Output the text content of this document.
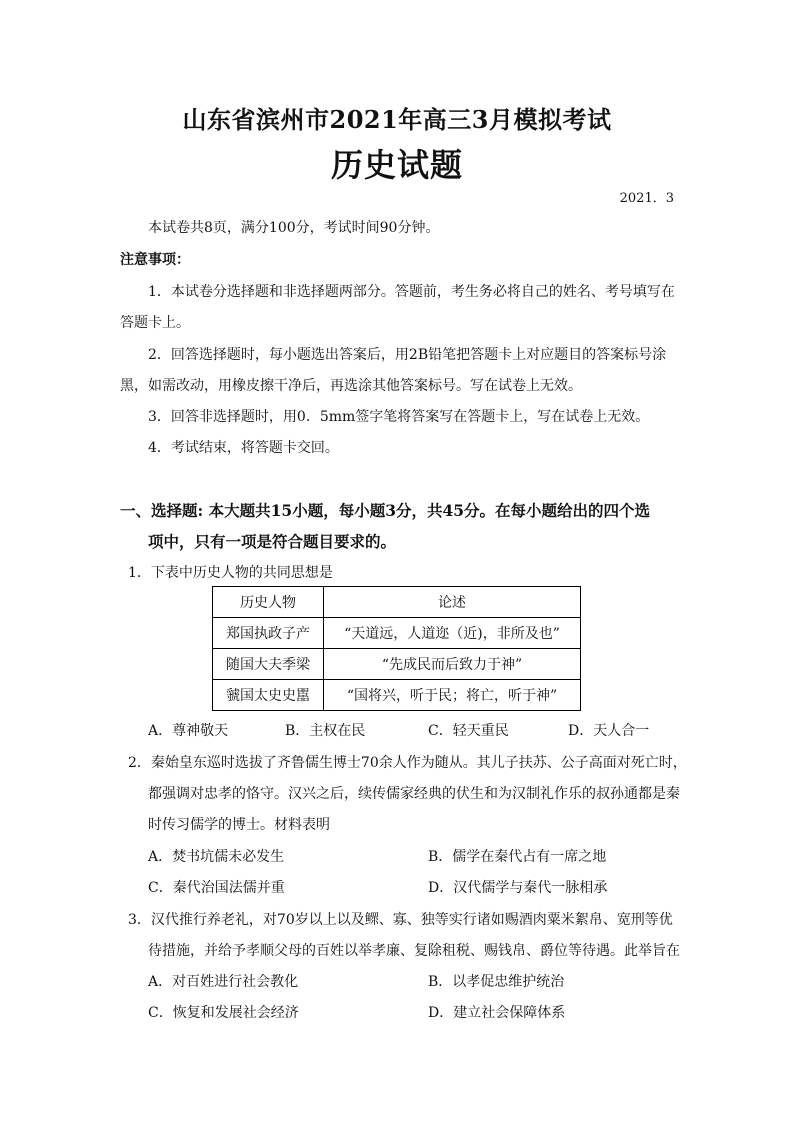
山东省滨州市2021年高三3月模拟考试
历史试题
2021．3
本试卷共8页，满分100分，考试时间90分钟。
注意事项：
1．本试卷分选择题和非选择题两部分。答题前，考生务必将自己的姓名、考号填写在
答题卡上。
2．回答选择题时，每小题选出答案后，用2B铅笔把答题卡上对应题目的答案标号涂
黑，如需改动，用橡皮擦干净后，再选涂其他答案标号。写在试卷上无效。
3．回答非选择题时，用0．5mm签字笔将答案写在答题卡上，写在试卷上无效。
4．考试结束，将答题卡交回。
一、选择题: 本大题共15小题，每小题3分，共45分。在每小题给出的四个选
项中，只有一项是符合题目要求的。
1．下表中历史人物的共同思想是
历史人物	论述
郑国执政子产	“天道远，人道迩（近)，非所及也”
随国大夫季梁	“先成民而后致力于神”
虢国太史史嚚	“国将兴，听于民；将亡，听于神”
A．尊神敬天	B．主权在民	C．轻天重民	D．天人合一
2．秦始皇东巡时选拔了齐鲁儒生博士70余人作为随从。其儿子扶苏、公子高面对死亡时，
都强调对忠孝的恪守。汉兴之后，续传儒家经典的伏生和为汉制礼作乐的叔孙通都是秦
时传习儒学的博士。材料表明
A．焚书坑儒未必发生	B．儒学在秦代占有一席之地
C．秦代治国法儒并重	D．汉代儒学与秦代一脉相承
3．汉代推行养老礼，对70岁以上以及鳏、寡、独等实行诸如赐酒肉粟米絮帛、宽刑等优
待措施，并给予孝顺父母的百姓以举孝廉、复除租税、赐钱帛、爵位等待遇。此举旨在
A．对百姓进行社会教化	B．以孝促忠维护统治
C．恢复和发展社会经济	D．建立社会保障体系
